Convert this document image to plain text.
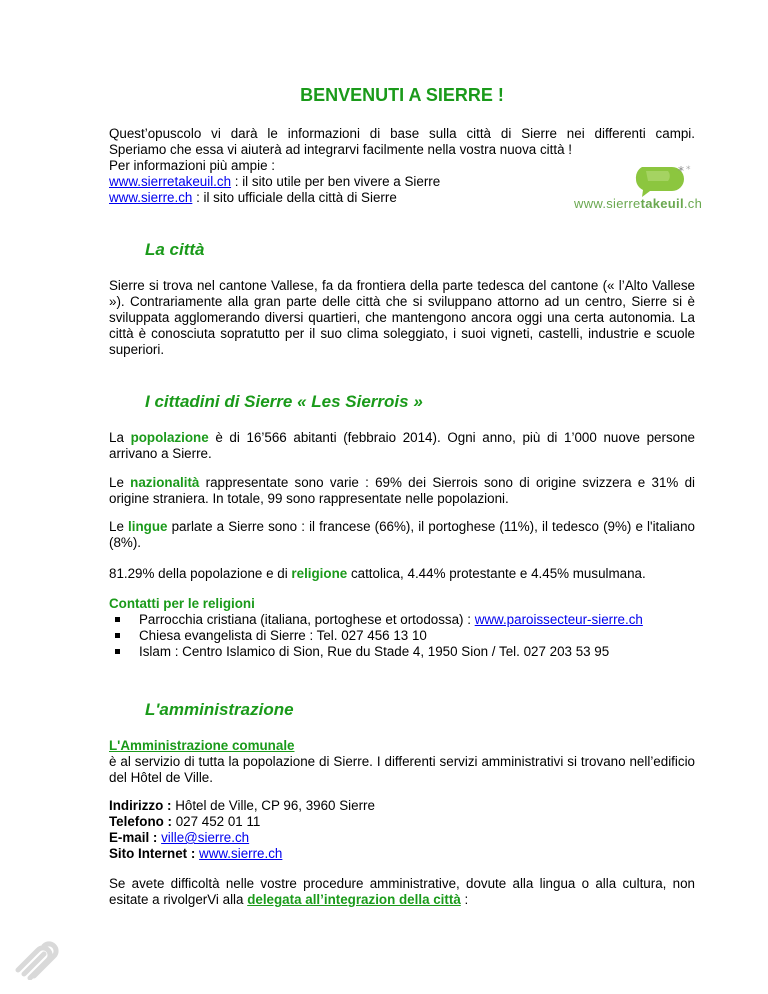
BENVENUTI A SIERRE !

Quest’opuscolo vi darà le informazioni di base sulla città di Sierre nei differenti campi.

Speriamo che essa vi aiuterà ad integrarvi facilmente nella vostra nuova città !

Per informazioni più ampie :

www.sierretakeuil.ch : il sito utile per ben vivere a Sierre

www.sierre.ch : il sito ufficiale della città di Sierre

* *
www.sierretakeuil.ch
La città
Sierre si trova nel cantone Vallese, fa da frontiera della parte tedesca del cantone (« l’Alto Vallese »). Contrariamente alla gran parte delle città che si sviluppano attorno ad un centro, Sierre si è sviluppata agglomerando diversi quartieri, che mantengono ancora oggi una certa autonomia. La città è conosciuta sopratutto per il suo clima soleggiato, i suoi vigneti, castelli, industrie e scuole superiori.
I cittadini di Sierre « Les Sierrois »
La popolazione è di 16’566 abitanti (febbraio 2014). Ogni anno, più di 1’000 nuove persone arrivano a Sierre.
Le nazionalità rappresentate sono varie : 69% dei Sierrois sono di origine svizzera e 31% di origine straniera. In totale, 99 sono rappresentate nelle popolazioni.
Le lingue parlate a Sierre sono : il francese (66%), il portoghese (11%), il tedesco (9%) e l'italiano (8%).
81.29% della popolazione e di religione cattolica, 4.44% protestante e 4.45% musulmana.
Contatti per le religioni
Parrocchia cristiana (italiana, portoghese et ortodossa) : www.paroissecteur-sierre.ch
Chiesa evangelista di Sierre : Tel. 027 456 13 10
Islam : Centro Islamico di Sion, Rue du Stade 4, 1950 Sion / Tel. 027 203 53 95
L'amministrazione
L'Amministrazione comunale

è al servizio di tutta la popolazione di Sierre. I differenti servizi amministrativi si trovano nell’edificio del Hôtel de Ville.

Indirizzo : Hôtel de Ville, CP 96, 3960 Sierre

Telefono : 027 452 01 11

E-mail : ville@sierre.ch

Sito Internet : www.sierre.ch

Se avete difficoltà nelle vostre procedure amministrative, dovute alla lingua o alla cultura, non esitate a rivolgerVi alla delegata all’integrazion della città :
